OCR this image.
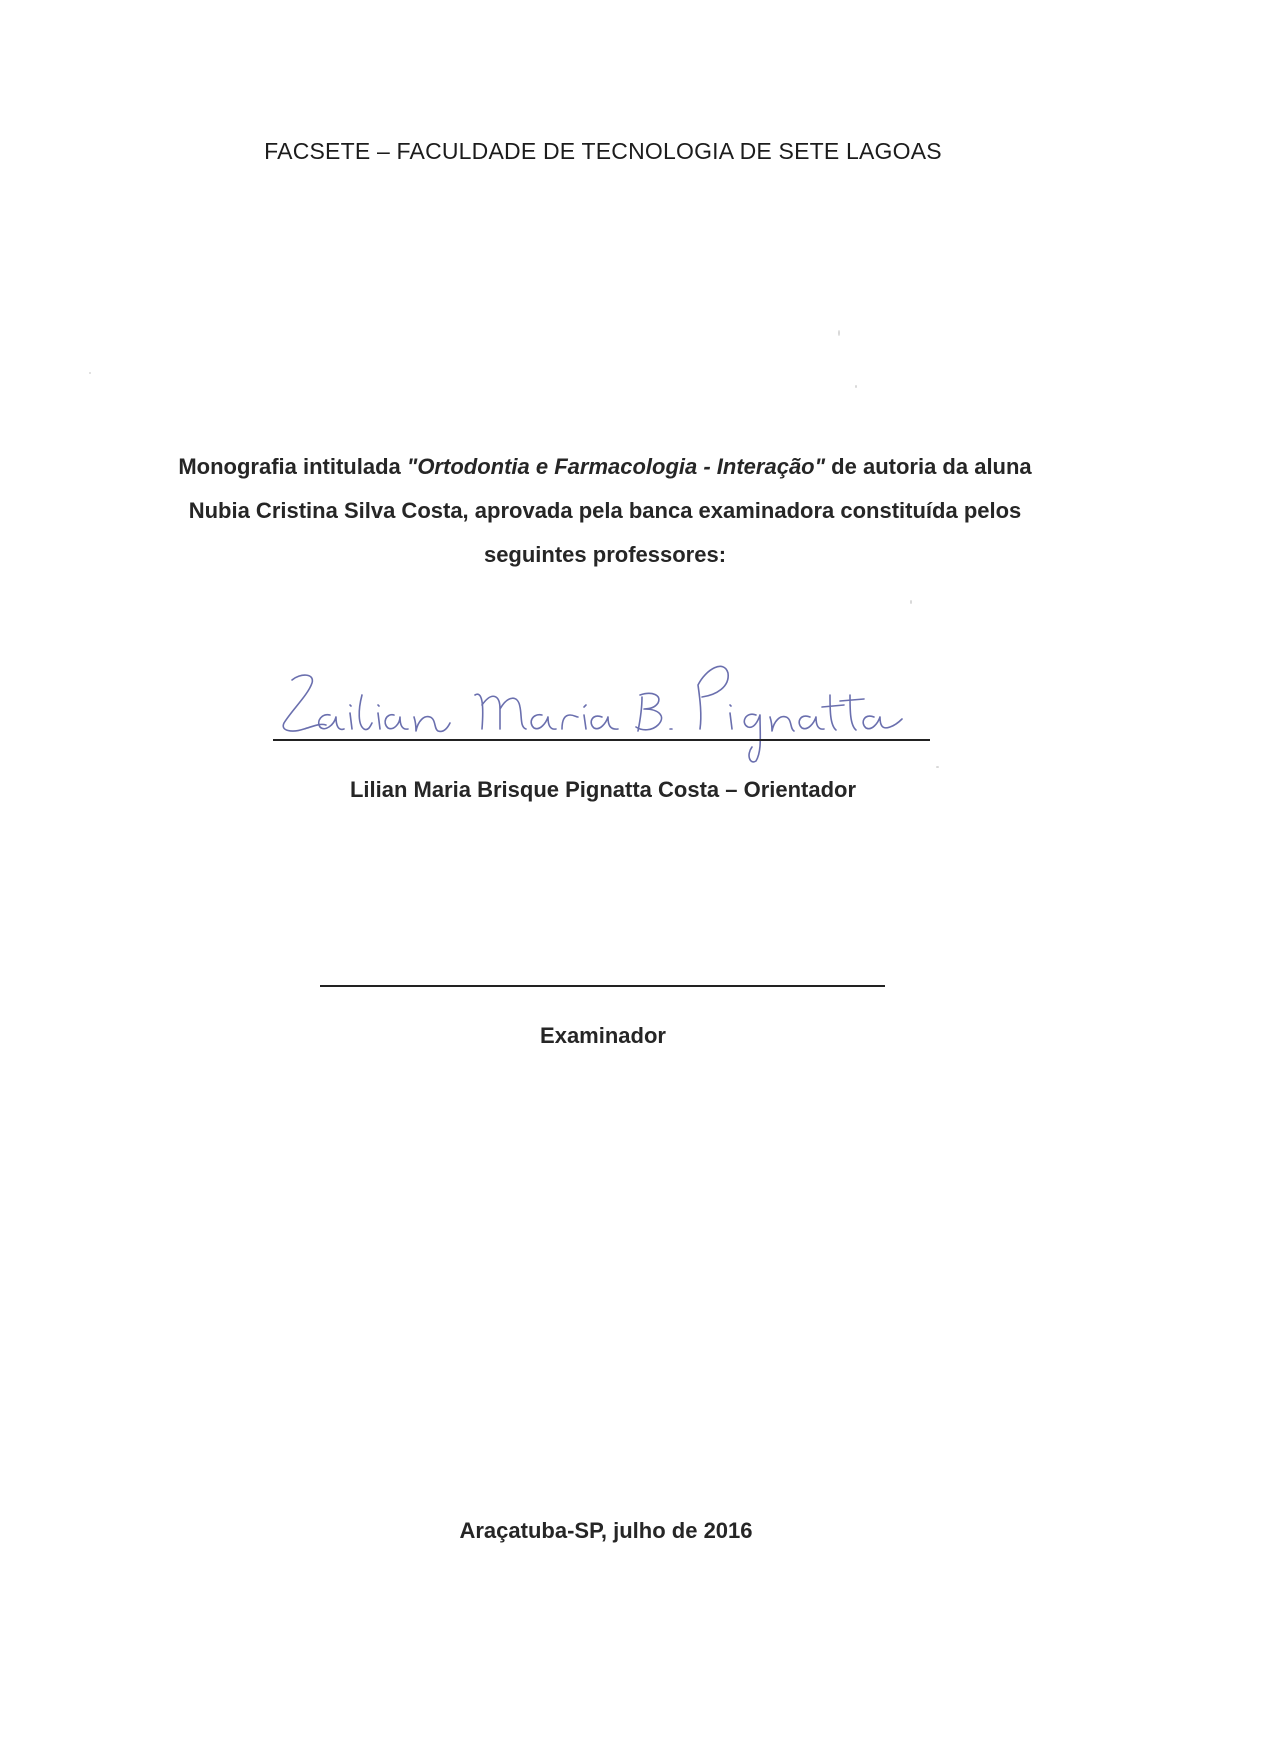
FACSETE – FACULDADE DE TECNOLOGIA DE SETE LAGOAS
Monografia intitulada "Ortodontia e Farmacologia - Interação" de autoria da aluna Nubia Cristina Silva Costa, aprovada pela banca examinadora constituída pelos seguintes professores:
Lilian Maria Brisque Pignatta Costa – Orientador
Examinador
Araçatuba-SP, julho de 2016
